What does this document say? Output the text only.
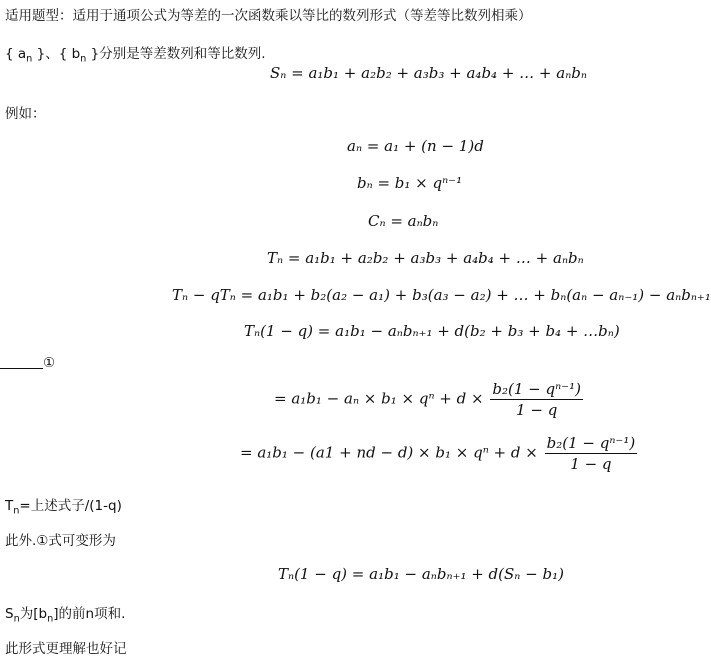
适用题型：适用于通项公式为等差的一次函数乘以等比的数列形式（等差等比数列相乘）
{ $a_n$ }、{ $b_n$ }分别是等差数列和等比数列.
Sₙ = a₁b₁ + a₂b₂ + a₃b₃ + a₄b₄ + … + aₙbₙ
例如：
aₙ = a₁ + (n − 1)d
bₙ = b₁ × qⁿ⁻¹
Cₙ = aₙbₙ
Tₙ = a₁b₁ + a₂b₂ + a₃b₃ + a₄b₄ + … + aₙbₙ
Tₙ − qTₙ = a₁b₁ + b₂(a₂ − a₁) + b₃(a₃ − a₂) + … + bₙ(aₙ − aₙ₋₁) − aₙbₙ₊₁
Tₙ(1 − q) = a₁b₁ − aₙbₙ₊₁ + d(b₂ + b₃ + b₄ + …bₙ)
①
= $a_1b_1 - a_n \times b_1 \times q^n + d \times \frac{\text{b₂(1 − qⁿ⁻¹)}}{1 - q}$
= a₁b₁ − (a1 + nd − $d) \times b_1 \times q^n + d \times \frac{\text{b₂(1 − qⁿ⁻¹)}}{1 - q}$
$T_n=$上述式子/(1-q)
此外.①式可变形为
Tₙ(1 − q) = a₁b₁ − aₙbₙ₊₁ + d(Sₙ − b₁)
$S_n$为$[b_n]$的前n项和.
此形式更理解也好记
